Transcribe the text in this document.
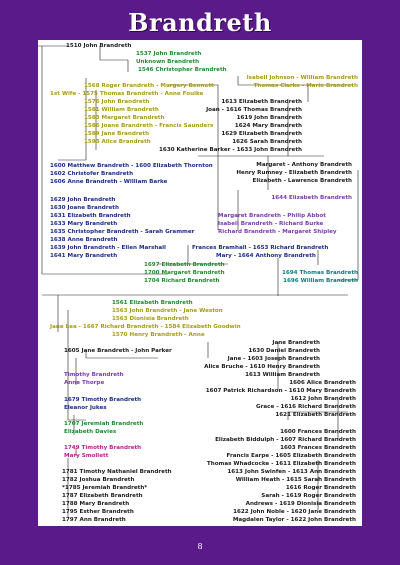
Brandreth
1510 John Brandreth
1537 John Brandreth
Unknown Brandreth
1546 Christopher Brandreth
1568 Roger Brandreth - Margery Bennett
1st Wife - 1575 Thomas Brandreth - Anne Foulke
1576 John Brandreth
1581 William Brandreth
1583 Margaret Brandreth
1586 Joane Brandreth - Francis Saunders
1589 Jane Brandreth
1593 Alice Brandreth
Isabell Johnson - William Brandreth
Thomas Clarke - Marie Brandreth
1613 Elizabeth Brandreth
Joan - 1616 Thomas Brandreth
1619 John Brandreth
1624 Mary Brandreth
1629 Elizabeth Brandreth
1626 Sarah Brandreth
1630 Katherine Barker - 1633 John Brandreth
1600 Matthew Brandreth - 1600 Elizabeth Thornton
1602 Christofer Brandreth
1606 Anne Brandreth - William Barke
Margaret - Anthony Brandreth
Henry Rumney - Elizabeth Brandreth
Elizabeth - Lawrence Brandreth
1644 Elizabeth Brandreth
1629 John Brandreth
1630 Joane Brandreth
1631 Elizabeth Brandreth
1633 Mary Brandreth
1635 Christopher Brandreth - Sarah Grammer
1638 Anne Brandreth
1639 John Brandreth - Ellen Marshall
1641 Mary Brandreth
Margaret Brandreth - Philip Abbot
Isabell Brandreth - Richard Burke
Richard Brandreth - Margaret Shipley
Frances Bramhall - 1653 Richard Brandreth
Mary - 1664 Anthony Brandreth
1697 Elizabeth Brandreth
1700 Margaret Brandreth
1704 Richard Brandreth
1694 Thomas Brandreth
1696 William Brandreth
1561 Elizabeth Brandreth
1563 John Brandreth - Jane Weston
1563 Dionisia Brandreth
Jane Lea - 1667 Richard Brandreth - 1584 Elizabeth Goodwin
1570 Henry Brandreth - Anne
Jane Brandreth
1605 Jane Brandreth - John Parker	1630 Daniel Brandreth
Jane - 1603 Joseph Brandreth
Alice Bruche - 1610 Henry Brandreth
1613 William Brandreth
Timothy Brandreth
Anne Thorpe	1606 Alice Brandreth
1607 Patrick Richardson - 1610 Mary Brandreth
1612 John Brandreth
Grace - 1616 Richard Brandreth
1621 Elizabeth Brandreth
1679 Timothy Brandreth
Eleanor Jukes
1707 Jeremiah Brandreth
Elizabeth Davies
1749 Timothy Brandreth
Mary Smollett
1600 Frances Brandreth
Elizabeth Biddulph - 1607 Richard Brandreth
1603 Frances Brandreth
Francis Earpe - 1605 Elizabeth Brandreth
Thomas Whadcocke - 1611 Elizabeth Brandreth
1613 John Swinfen - 1613 Ann Brandreth
William Heath - 1615 Sarah Brandreth
1616 Roger Brandreth
Sarah - 1619 Roger Brandreth
Andrews - 1619 Dionisia Brandreth
1622 John Noble - 1620 Jane Brandreth
Magdalen Taylor - 1622 John Brandreth
1781 Timothy Nathaniel Brandreth
1782 Joshua Brandreth
*1785 Jeremiah Brandreth*
1787 Elizabeth Brandreth
1788 Mary Brandreth
1795 Esther Brandreth
1797 Ann Brandreth
8
